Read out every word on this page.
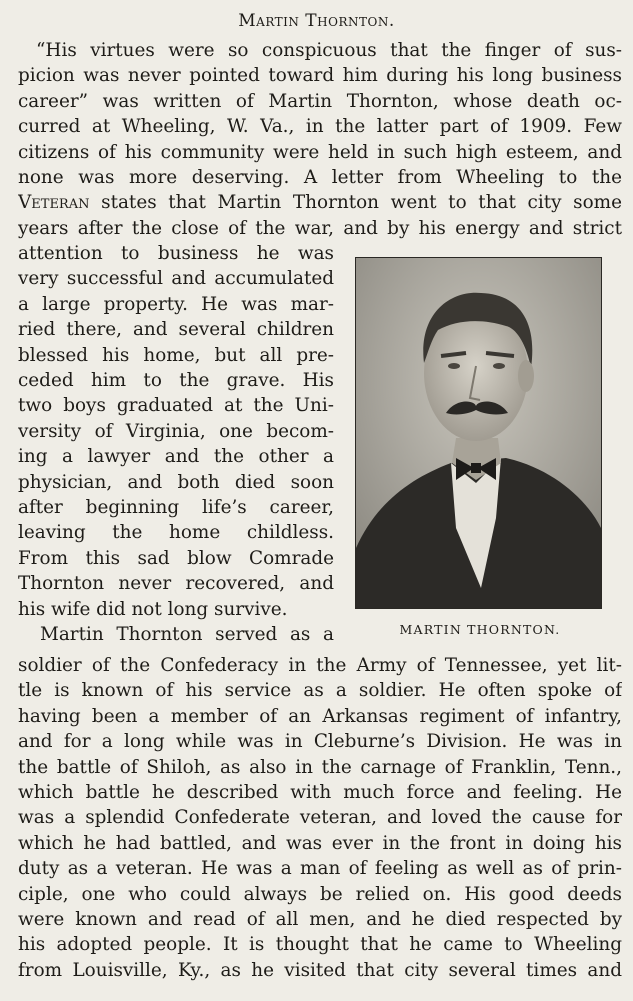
Martin Thornton.
“His virtues were so conspicuous that the finger of sus-
picion was never pointed toward him during his long business
career” was written of Martin Thornton, whose death oc-
curred at Wheeling, W. Va., in the latter part of 1909. Few
citizens of his community were held in such high esteem, and
none was more deserving. A letter from Wheeling to the
Veteran states that Martin Thornton went to that city some
years after the close of the war, and by his energy and strict
attention to business he was
very successful and accumulated
a large property. He was mar-
ried there, and several children
blessed his home, but all pre-
ceded him to the grave. His
two boys graduated at the Uni-
versity of Virginia, one becom-
ing a lawyer and the other a
physician, and both died soon
after beginning life’s career,
leaving the home childless.
From this sad blow Comrade
Thornton never recovered, and
his wife did not long survive.
Martin Thornton served as a
soldier of the Confederacy in the Army of Tennessee, yet lit-
tle is known of his service as a soldier. He often spoke of
having been a member of an Arkansas regiment of infantry,
and for a long while was in Cleburne’s Division. He was in
the battle of Shiloh, as also in the carnage of Franklin, Tenn.,
which battle he described with much force and feeling. He
was a splendid Confederate veteran, and loved the cause for
which he had battled, and was ever in the front in doing his
duty as a veteran. He was a man of feeling as well as of prin-
ciple, one who could always be relied on. His good deeds
were known and read of all men, and he died respected by
his adopted people. It is thought that he came to Wheeling
from Louisville, Ky., as he visited that city several times and
MARTIN THORNTON.
